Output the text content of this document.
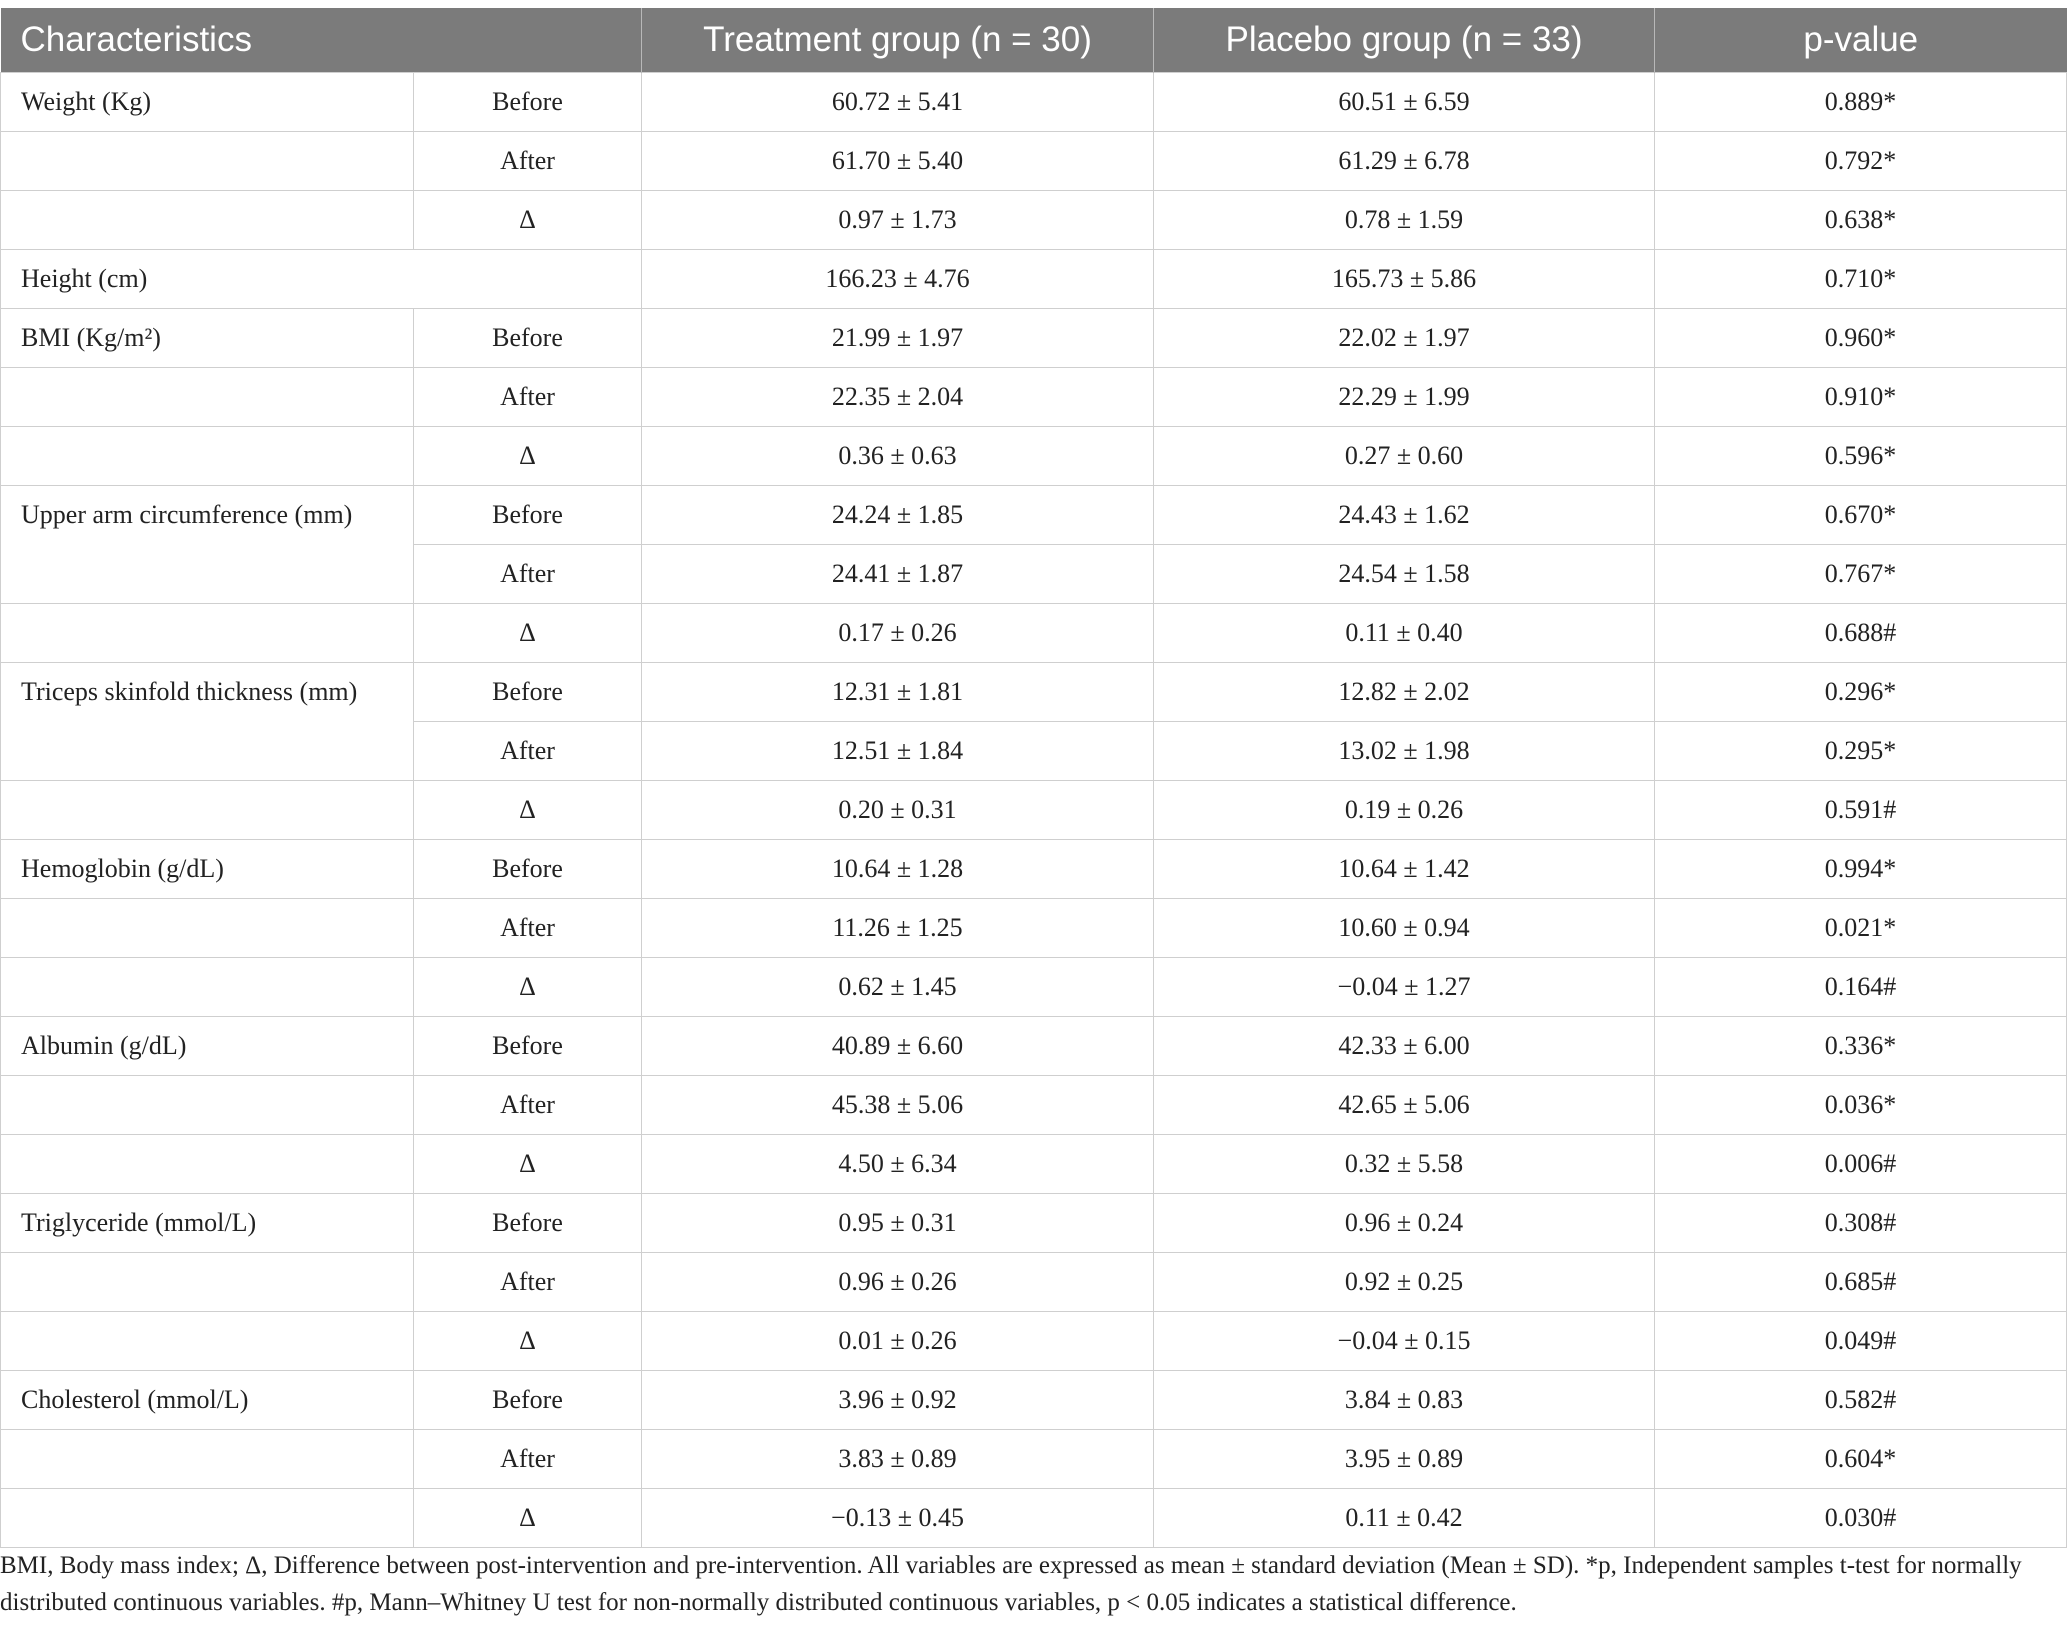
Characteristics		Treatment group (n = 30)	Placebo group (n = 33)	p-value
Weight (Kg)	Before	60.72 ± 5.41	60.51 ± 6.59	0.889*
	After	61.70 ± 5.40	61.29 ± 6.78	0.792*
	Δ	0.97 ± 1.73	0.78 ± 1.59	0.638*
Height (cm)		166.23 ± 4.76	165.73 ± 5.86	0.710*
BMI (Kg/m²)	Before	21.99 ± 1.97	22.02 ± 1.97	0.960*
	After	22.35 ± 2.04	22.29 ± 1.99	0.910*
	Δ	0.36 ± 0.63	0.27 ± 0.60	0.596*
Upper arm circumference (mm)	Before	24.24 ± 1.85	24.43 ± 1.62	0.670*
	After	24.41 ± 1.87	24.54 ± 1.58	0.767*
	Δ	0.17 ± 0.26	0.11 ± 0.40	0.688#
Triceps skinfold thickness (mm)	Before	12.31 ± 1.81	12.82 ± 2.02	0.296*
	After	12.51 ± 1.84	13.02 ± 1.98	0.295*
	Δ	0.20 ± 0.31	0.19 ± 0.26	0.591#
Hemoglobin (g/dL)	Before	10.64 ± 1.28	10.64 ± 1.42	0.994*
	After	11.26 ± 1.25	10.60 ± 0.94	0.021*
	Δ	0.62 ± 1.45	−0.04 ± 1.27	0.164#
Albumin (g/dL)	Before	40.89 ± 6.60	42.33 ± 6.00	0.336*
	After	45.38 ± 5.06	42.65 ± 5.06	0.036*
	Δ	4.50 ± 6.34	0.32 ± 5.58	0.006#
Triglyceride (mmol/L)	Before	0.95 ± 0.31	0.96 ± 0.24	0.308#
	After	0.96 ± 0.26	0.92 ± 0.25	0.685#
	Δ	0.01 ± 0.26	−0.04 ± 0.15	0.049#
Cholesterol (mmol/L)	Before	3.96 ± 0.92	3.84 ± 0.83	0.582#
	After	3.83 ± 0.89	3.95 ± 0.89	0.604*
	Δ	−0.13 ± 0.45	0.11 ± 0.42	0.030#
BMI, Body mass index; Δ, Difference between post-intervention and pre-intervention. All variables are expressed as mean ± standard deviation (Mean ± SD). *p, Independent samples t-test for normally distributed continuous variables. #p, Mann–Whitney U test for non-normally distributed continuous variables, p < 0.05 indicates a statistical difference.
